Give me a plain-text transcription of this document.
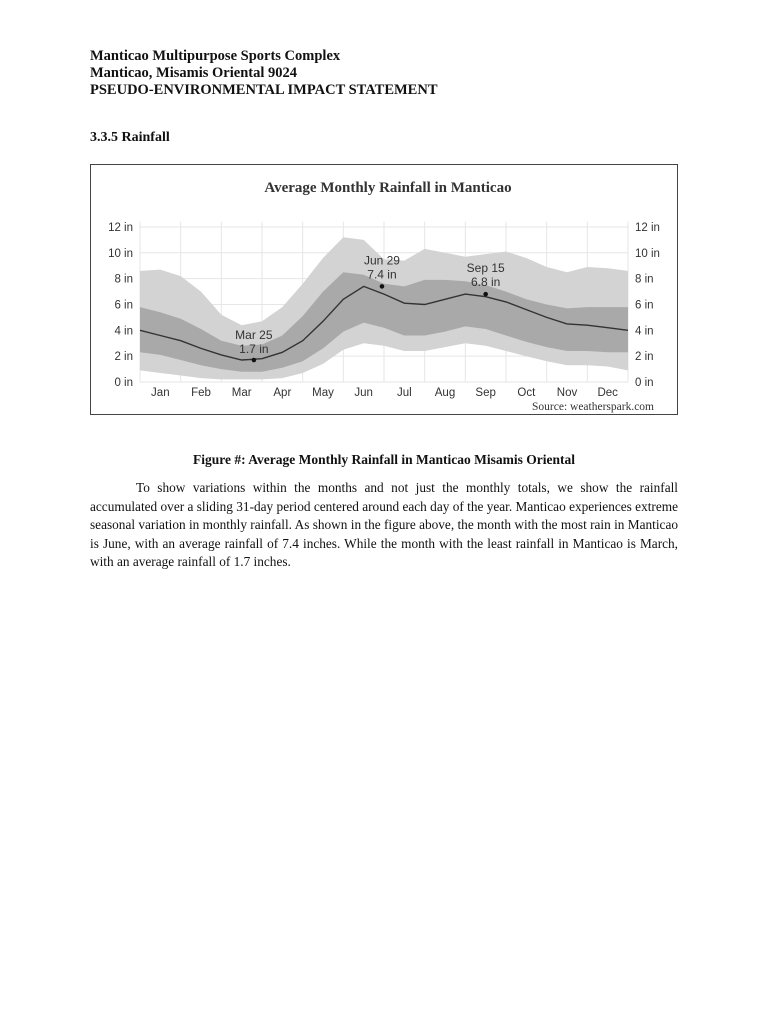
Manticao Multipurpose Sports Complex
Manticao, Misamis Oriental 9024
PSEUDO-ENVIRONMENTAL IMPACT STATEMENT
3.3.5 Rainfall
Average Monthly Rainfall in Manticao
0 in	0 in
2 in	2 in
4 in	4 in
6 in	6 in
8 in	8 in
10 in	10 in
12 in	12 in
Jan Feb Mar Apr May Jun Jul Aug Sep Oct Nov Dec
Mar 25
1.7 in
Jun 29
7.4 in	Sep 15
6.8 in
Source: weatherspark.com
Figure #: Average Monthly Rainfall in Manticao Misamis Oriental

To show variations within the months and not just the monthly totals, we show the rainfall accumulated over a sliding 31-day period centered around each day of the year. Manticao experiences extreme seasonal variation in monthly rainfall. As shown in the figure above, the month with the most rain in Manticao is June, with an average rainfall of 7.4 inches. While the month with the least rainfall in Manticao is March, with an average rainfall of 1.7 inches.
